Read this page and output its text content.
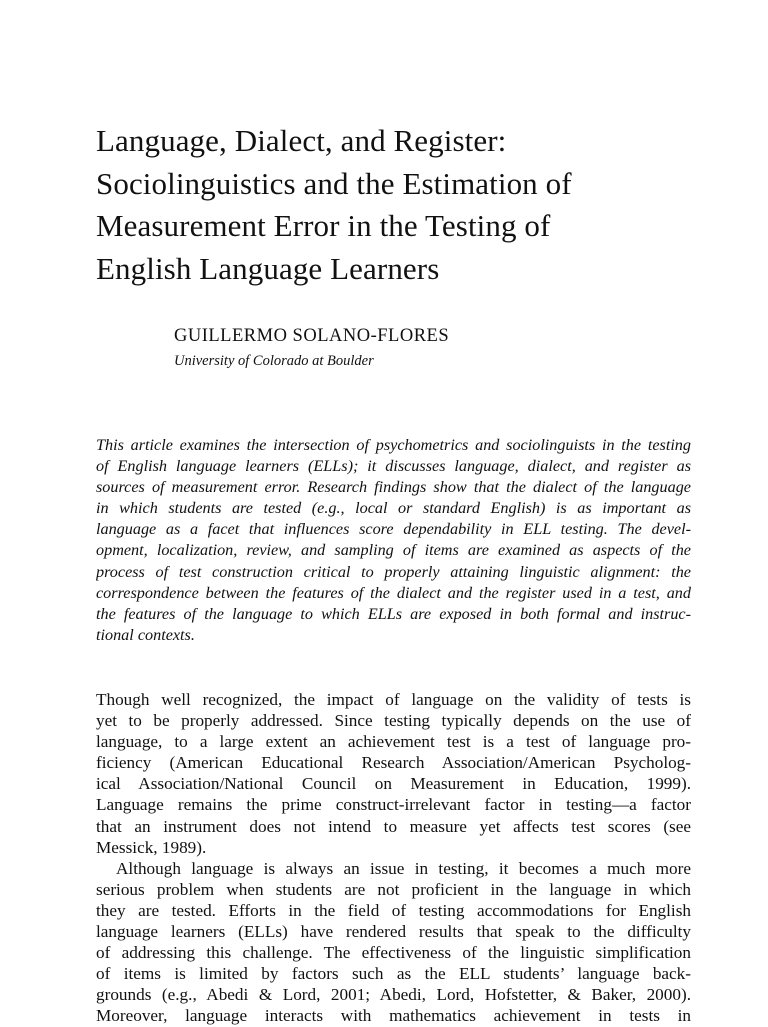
Language, Dialect, and Register:
Sociolinguistics and the Estimation of
Measurement Error in the Testing of
English Language Learners
GUILLERMO SOLANO-FLORES
University of Colorado at Boulder
This article examines the intersection of psychometrics and sociolinguists in the testing
of English language learners (ELLs); it discusses language, dialect, and register as
sources of measurement error. Research findings show that the dialect of the language
in which students are tested (e.g., local or standard English) is as important as
language as a facet that influences score dependability in ELL testing. The devel-
opment, localization, review, and sampling of items are examined as aspects of the
process of test construction critical to properly attaining linguistic alignment: the
correspondence between the features of the dialect and the register used in a test, and
the features of the language to which ELLs are exposed in both formal and instruc-
tional contexts.
Though well recognized, the impact of language on the validity of tests is
yet to be properly addressed. Since testing typically depends on the use of
language, to a large extent an achievement test is a test of language pro-
ficiency (American Educational Research Association/American Psycholog-
ical Association/National Council on Measurement in Education, 1999).
Language remains the prime construct-irrelevant factor in testing—a factor
that an instrument does not intend to measure yet affects test scores (see
Messick, 1989).
Although language is always an issue in testing, it becomes a much more
serious problem when students are not proficient in the language in which
they are tested. Efforts in the field of testing accommodations for English
language learners (ELLs) have rendered results that speak to the difficulty
of addressing this challenge. The effectiveness of the linguistic simplification
of items is limited by factors such as the ELL students’ language back-
grounds (e.g., Abedi & Lord, 2001; Abedi, Lord, Hofstetter, & Baker, 2000).
Moreover, language interacts with mathematics achievement in tests in
